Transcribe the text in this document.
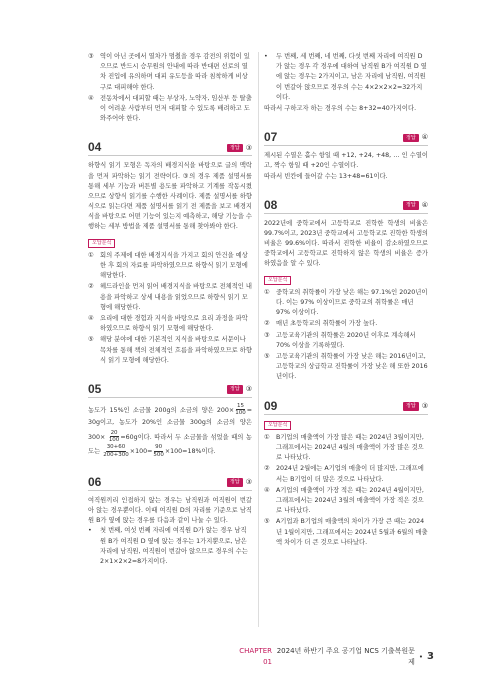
③	역이 아닌 곳에서 열차가 멈췄을 경우 감전의 위험이 있으므로 반드시 승무원의 안내에 따라 반대편 선로의 열차 진입에 유의하며 대피 유도등을 따라 침착하게 비상구로 대피해야 한다.
④	전동차에서 대피할 때는 부상자, 노약자, 임산부 등 탈출이 어려운 사람부터 먼저 대피할 수 있도록 배려하고 도와주어야 한다.
04	정답 ③
하향식 읽기 모형은 독자의 배경지식을 바탕으로 글의 맥락을 먼저 파악하는 읽기 전략이다. ③의 경우 제품 설명서를 통해 세부 기능과 버튼별 용도를 파악하고 기계를 작동시켰으므로 상향식 읽기를 수행한 사례이다. 제품 설명서를 하향식으로 읽는다면 제품 설명서를 읽기 전 제품을 보고 배경지식을 바탕으로 어떤 기능이 있는지 예측하고, 해당 기능을 수행하는 세부 방법을 제품 설명서를 통해 찾아봐야 한다.
오답분석
①	회의 주제에 대한 배경지식을 가지고 회의 안건을 예상한 후 회의 자료를 파악하였으므로 하향식 읽기 모형에 해당한다.
②	헤드라인을 먼저 읽어 배경지식을 바탕으로 전체적인 내용을 파악하고 상세 내용을 읽었으므로 하향식 읽기 모형에 해당한다.
④	요리에 대한 경험과 지식을 바탕으로 요리 과정을 파악하였으므로 하향식 읽기 모형에 해당한다.
⑤	해당 분야에 대한 기본적인 지식을 바탕으로 서문이나 목차를 통해 책의 전체적인 흐름을 파악하였으므로 하향식 읽기 모형에 해당한다.
05	정답 ③
농도가 15%인 소금물 200g의 소금의 양은 $200\times \frac{15}{100} = 30g$이고, 농도가 20%인 소금물 300g의 소금의 양은 $300\times \frac{20}{100} =60g$이다. 따라서 두 소금물을 섞었을 때의 농도는 $\frac{30+60}{200+300} \times 100= \frac{90}{500} \times 100=18\%$이다.
06	정답 ③
여직원끼리 인접하지 않는 경우는 남직원과 여직원이 번갈아 앉는 경우뿐이다. 이때 여직원 D의 자리를 기준으로 남직원 B가 옆에 앉는 경우를 다음과 같이 나눌 수 있다.
•	첫 번째, 여섯 번째 자리에 여직원 D가 앉는 경우 남직원 B가 여직원 D 옆에 앉는 경우는 1가지뿐으로, 남은 자리에 남직원, 여직원이 번갈아 앉으므로 경우의 수는 2×1×2×2=8가지이다.
•	두 번째, 세 번째, 네 번째, 다섯 번째 자리에 여직원 D가 앉는 경우 각 경우에 대하여 남직원 B가 여직원 D 옆에 앉는 경우는 2가지이고, 남은 자리에 남직원, 여직원이 번갈아 앉으므로 경우의 수는 4×2×2×2=32가지이다.
따라서 구하고자 하는 경우의 수는 8+32=40가지이다.
07	정답 ④
제시된 수열은 홀수 항일 때 +12, +24, +48, … 인 수열이고, 짝수 항일 때 +20인 수열이다.
따라서 빈칸에 들어갈 수는 13+48=61이다.
08	정답 ④
2022년에 중학교에서 고등학교로 진학한 학생의 비율은 99.7%이고, 2023년 중학교에서 고등학교로 진학한 학생의 비율은 99.6%이다. 따라서 진학한 비율이 감소하였으므로 중학교에서 고등학교로 진학하지 않은 학생의 비율은 증가하였음을 알 수 있다.
오답분석
①	중학교의 취학률이 가장 낮은 해는 97.1%인 2020년이다. 이는 97% 이상이므로 중학교의 취학률은 매년 97% 이상이다.
②	매년 초등학교의 취학률이 가장 높다.
③	고등교육기관의 취학률은 2020년 이후로 계속해서 70% 이상을 기록하였다.
⑤	고등교육기관의 취학률이 가장 낮은 해는 2016년이고, 고등학교의 상급학교 진학률이 가장 낮은 해 또한 2016년이다.
09	정답 ③
오답분석
①	B기업의 매출액이 가장 많은 때는 2024년 3월이지만, 그래프에서는 2024년 4월의 매출액이 가장 많은 것으로 나타났다.
②	2024년 2월에는 A기업의 매출이 더 많지만, 그래프에서는 B기업이 더 많은 것으로 나타났다.
④	A기업의 매출액이 가장 적은 때는 2024년 4월이지만, 그래프에서는 2024년 3월의 매출액이 가장 적은 것으로 나타났다.
⑤	A기업과 B기업의 매출액의 차이가 가장 큰 때는 2024년 1월이지만, 그래프에서는 2024년 5월과 6월의 매출액 차이가 더 큰 것으로 나타났다.
CHAPTER 01
2024년 하반기 주요 공기업 NCS 기출복원문제
• 3
